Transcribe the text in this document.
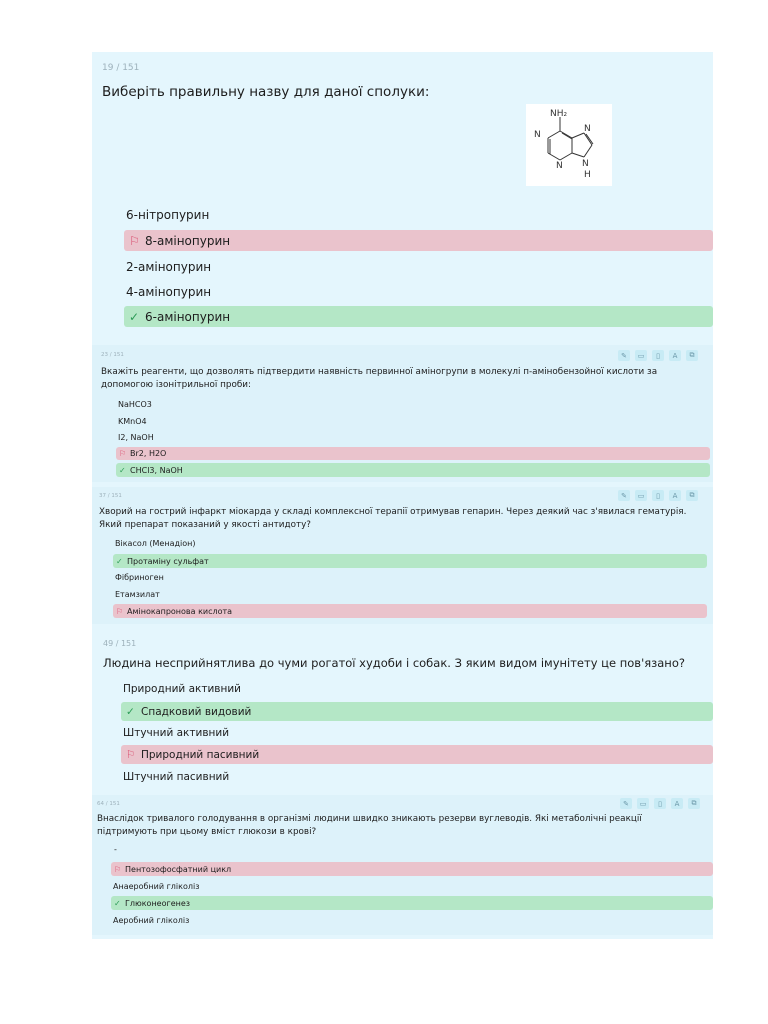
19 / 151
Виберіть правильну назву для даної сполуки:
NH₂
N
N
N
N
H
6-нітропурин
⚐ 8-амінопурин
2-амінопурин
4-амінопурин
✓ 6-амінопурин
23 / 151	✎	▭	▯	A	⧉

Вкажіть реагенти, що дозволять підтвердити наявність первинної аміногрупи в молекулі п-амінобензойної кислоти за допомогою ізонітрильної проби:

NaHCO3
KMnO4
I2, NaOH
⚐ Br2, H2O
✓ CHCl3, NaOH
37 / 151	✎	▭	▯	A	⧉

Хворий на гострий інфаркт міокарда у складі комплексної терапії отримував гепарин. Через деякий час з'явилася гематурія. Який препарат показаний у якості антидоту?

Вікасол (Менадіон)
✓ Протаміну сульфат
Фібриноген
Етамзилат
⚐ Амінокапронова кислота
49 / 151
Людина несприйнятлива до чуми рогатої худоби і собак. З яким видом імунітету це пов'язано?
Природний активний
✓ Спадковий видовий
Штучний активний
⚐ Природний пасивний
Штучний пасивний
64 / 151	✎	▭	▯	A	⧉

Внаслідок тривалого голодування в організмі людини швидко зникають резерви вуглеводів. Які метаболічні реакції підтримують при цьому вміст глюкози в крові?

-
⚐ Пентозофосфатний цикл
Анаеробний гліколіз
✓ Глюконеогенез
Аеробний гліколіз
